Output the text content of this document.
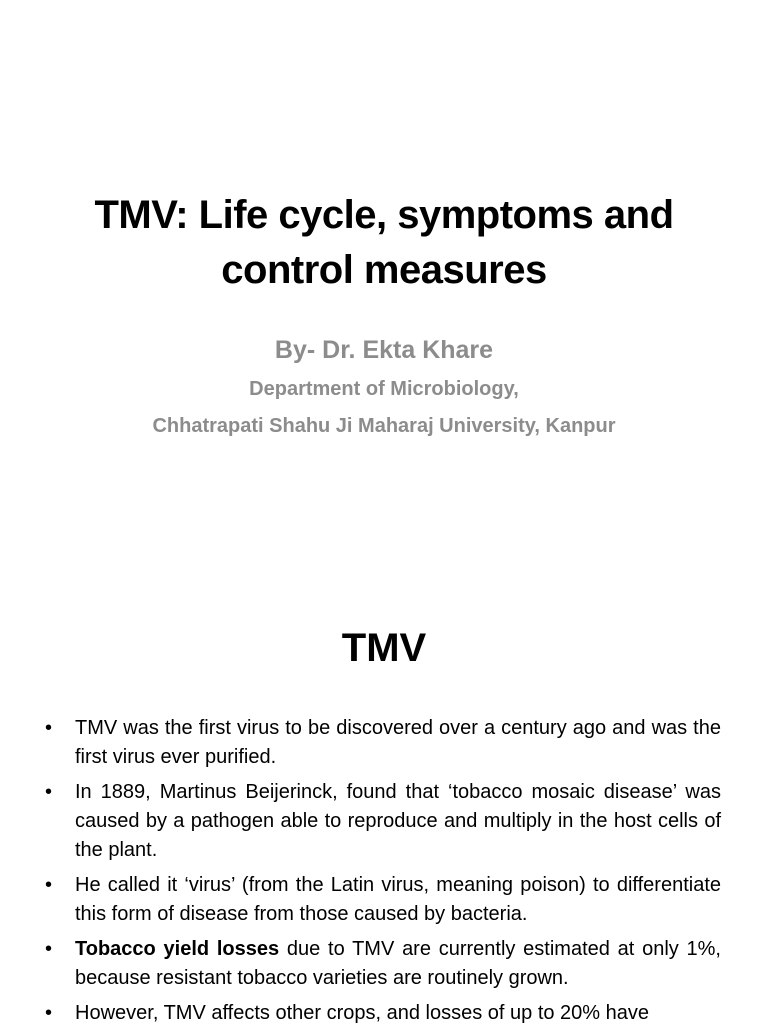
TMV: Life cycle, symptoms and
control measures

By- Dr. Ekta Khare

Department of Microbiology,

Chhatrapati Shahu Ji Maharaj University, Kanpur

TMV
• TMV was the first virus to be discovered over a century ago and was the first virus ever purified.
• In 1889, Martinus Beijerinck, found that ‘tobacco mosaic disease’ was caused by a pathogen able to reproduce and multiply in the host cells of the plant.
• He called it ‘virus’ (from the Latin virus, meaning poison) to differentiate this form of disease from those caused by bacteria.
• Tobacco yield losses due to TMV are currently estimated at only 1%, because resistant tobacco varieties are routinely grown.
• However, TMV affects other crops, and losses of up to 20% have
